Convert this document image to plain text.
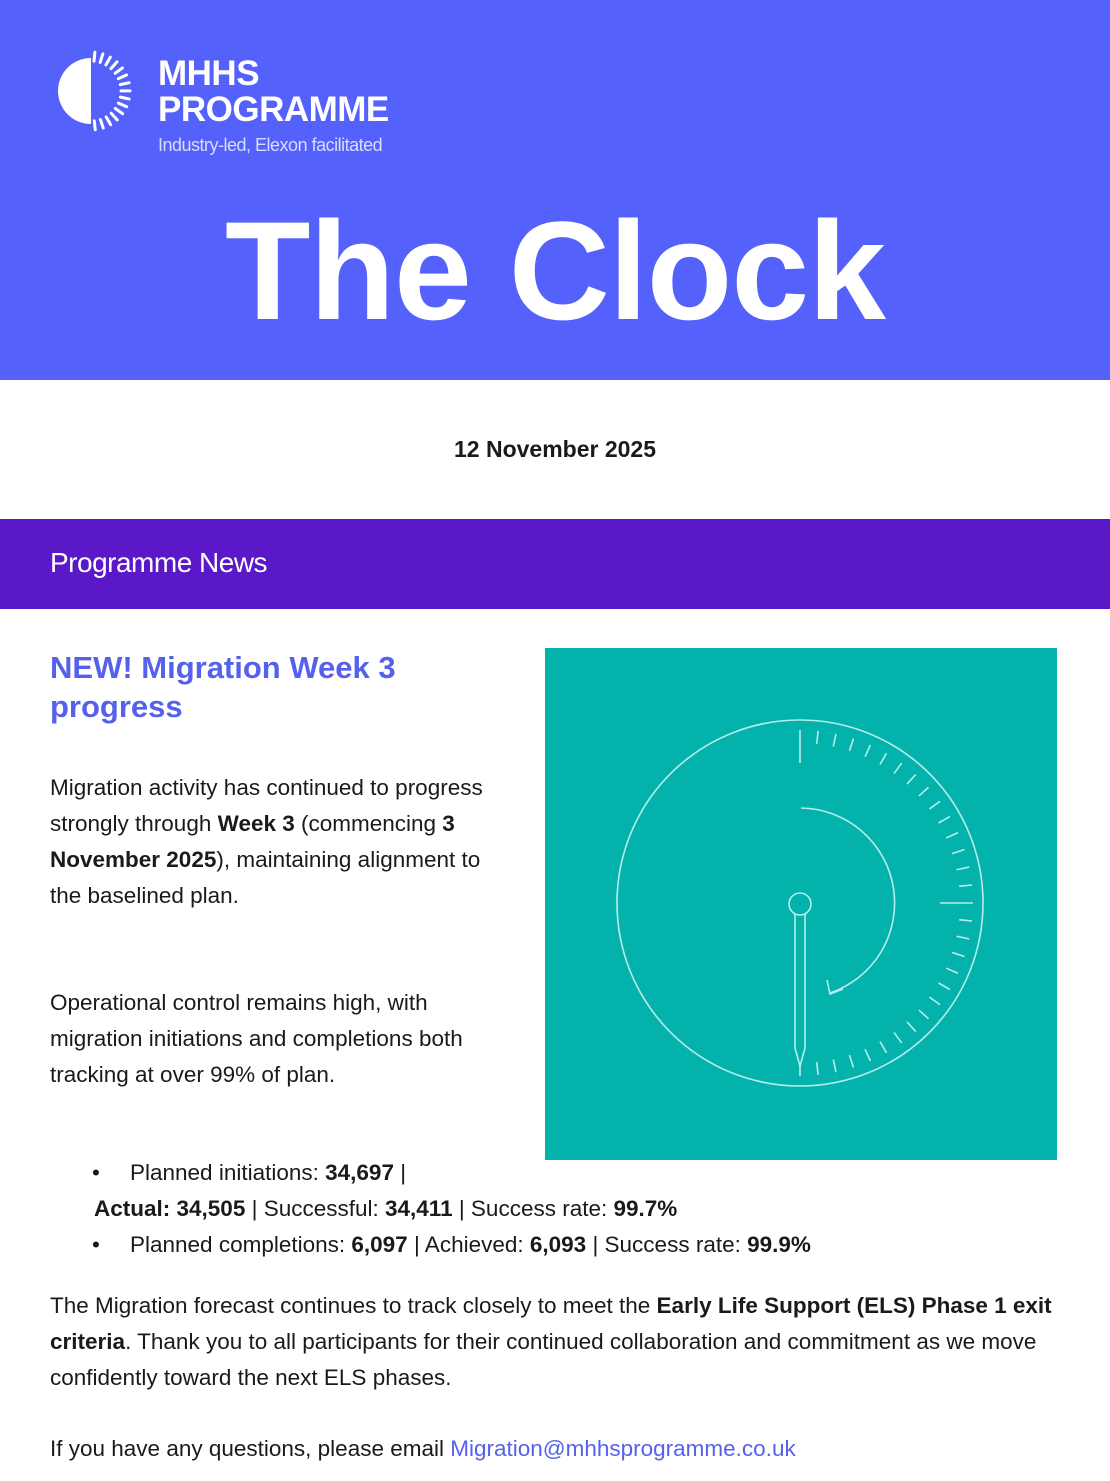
MHHS
PROGRAMME
Industry-led, Elexon facilitated
The Clock
12 November 2025
Programme News
NEW! Migration Week 3 progress
Migration activity has continued to progress strongly through Week 3 (commencing 3 November 2025), maintaining alignment to the baselined plan.
Operational control remains high, with migration initiations and completions both tracking at over 99% of plan.
• Planned initiations: 34,697 |
Actual: 34,505 | Successful: 34,411 | Success rate: 99.7%
• Planned completions: 6,097 | Achieved: 6,093 | Success rate: 99.9%
The Migration forecast continues to track closely to meet the Early Life Support (ELS) Phase 1 exit criteria. Thank you to all participants for their continued collaboration and commitment as we move confidently toward the next ELS phases.
If you have any questions, please email Migration@mhhsprogramme.co.uk
